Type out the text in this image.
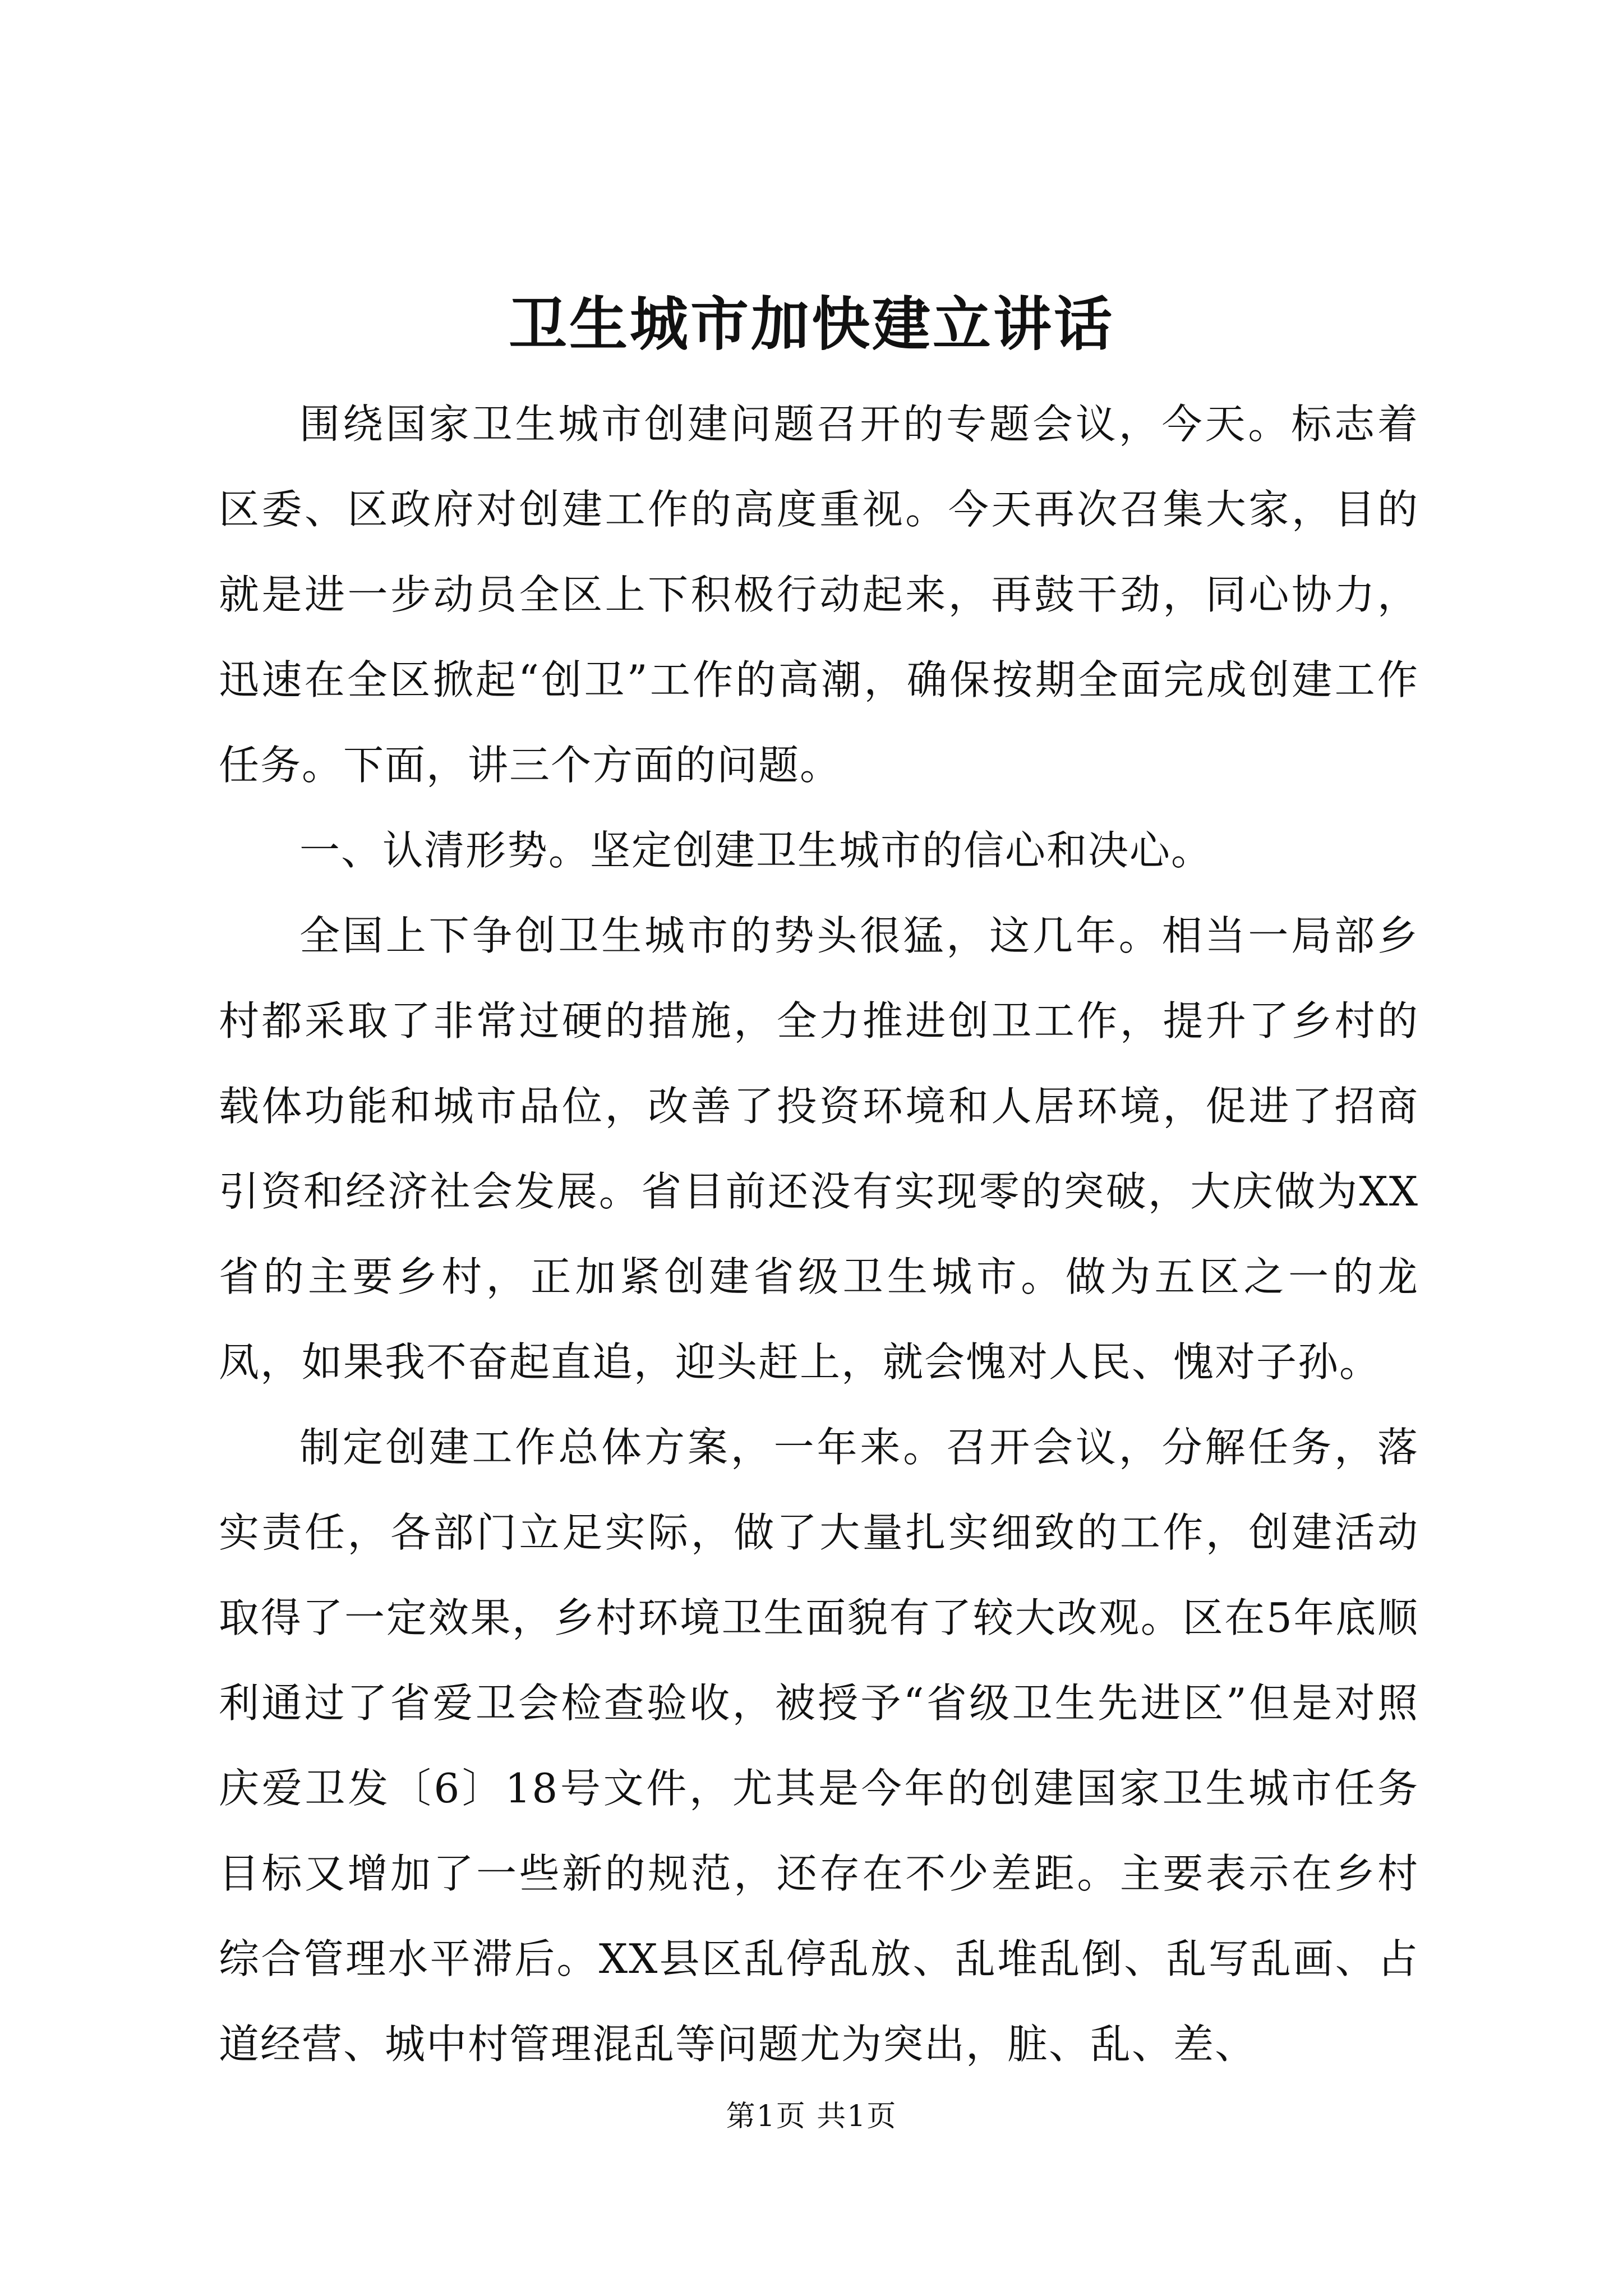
卫生城市加快建立讲话

围绕国家卫生城市创建问题召开的专题会议，今天。标志着区委、区政府对创建工作的高度重视。今天再次召集大家，目的就是进一步动员全区上下积极行动起来，再鼓干劲，同心协力，迅速在全区掀起“创卫”工作的高潮，确保按期全面完成创建工作任务。下面，讲三个方面的问题。

一、认清形势。坚定创建卫生城市的信心和决心。

全国上下争创卫生城市的势头很猛，这几年。相当一局部乡村都采取了非常过硬的措施，全力推进创卫工作，提升了乡村的载体功能和城市品位，改善了投资环境和人居环境，促进了招商引资和经济社会发展。省目前还没有实现零的突破，大庆做为XX省的主要乡村，正加紧创建省级卫生城市。做为五区之一的龙凤，如果我不奋起直追，迎头赶上，就会愧对人民、愧对子孙。

制定创建工作总体方案，一年来。召开会议，分解任务，落实责任，各部门立足实际，做了大量扎实细致的工作，创建活动取得了一定效果，乡村环境卫生面貌有了较大改观。区在5年底顺利通过了省爱卫会检查验收，被授予“省级卫生先进区”但是对照庆爱卫发〔6〕18号文件，尤其是今年的创建国家卫生城市任务目标又增加了一些新的规范，还存在不少差距。主要表示在乡村综合管理水平滞后。XX县区乱停乱放、乱堆乱倒、乱写乱画、占道经营、城中村管理混乱等问题尤为突出，脏、乱、差、

第1页 共1页
